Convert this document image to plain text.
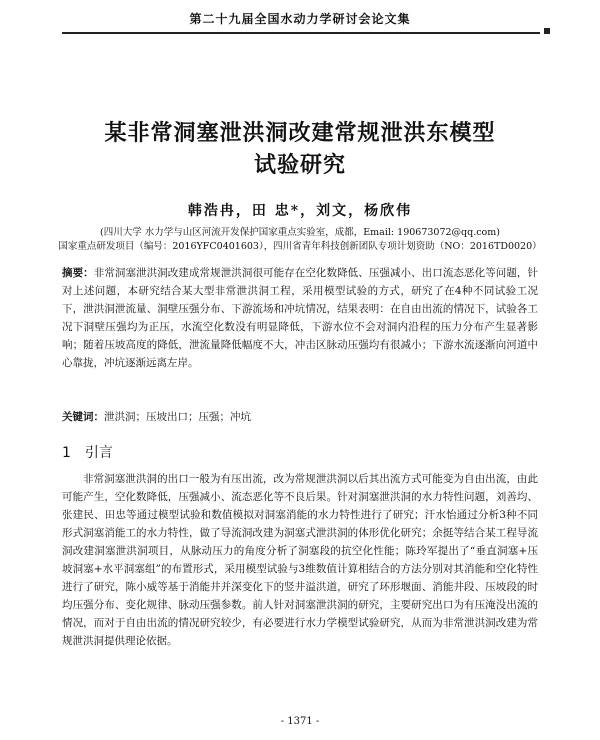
第二十九届全国水动力学研讨会论文集
某非常洞塞泄洪洞改建常规泄洪东模型
试验研究
韩浩冉，田 忠*，刘文，杨欣伟
(四川大学 水力学与山区河流开发保护国家重点实验室，成都，Email: 190673072@qq.com)
国家重点研发项目（编号：2016YFC0401603），四川省青年科技创新团队专项计划资助（NO：2016TD0020）
摘要：非常洞塞泄洪洞改建成常规泄洪洞很可能存在空化数降低、压强减小、出口流态恶化等问题，针对上述问题，本研究结合某大型非常泄洪洞工程，采用模型试验的方式，研究了在4种不同试验工况下，泄洪洞泄流量、洞壁压强分布、下游流场和冲坑情况，结果表明：在自由出流的情况下，试验各工况下洞壁压强均为正压，水流空化数没有明显降低，下游水位不会对洞内沿程的压力分布产生显著影响；随着压坡高度的降低，泄流量降低幅度不大，冲击区脉动压强均有很减小；下游水流逐渐向河道中心靠拢，冲坑逐渐远离左岸。
关键词：泄洪洞；压坡出口；压强；冲坑
1 引言
非常洞塞泄洪洞的出口一般为有压出流，改为常规泄洪洞以后其出流方式可能变为自由出流，由此可能产生，空化数降低，压强减小、流态恶化等不良后果。针对洞塞泄洪洞的水力特性问题，刘善均、张建民、田忠等通过模型试验和数值模拟对洞塞消能的水力特性进行了研究；汗水怡通过分析3种不同形式洞塞消能工的水力特性，做了导流洞改建为洞塞式泄洪洞的体形优化研究；余挺等结合某工程导流洞改建洞塞泄洪洞项目，从脉动压力的角度分析了洞塞段的抗空化性能；陈玲军提出了“垂直洞塞+压坡洞塞+水平洞塞组”的布置形式，采用模型试验与3维数值计算相结合的方法分别对其消能和空化特性进行了研究，陈小威等基于消能井并深变化下的竖井溢洪道，研究了环形堰面、消能井段、压坡段的时均压强分布、变化规律、脉动压强参数。前人针对洞塞泄洪洞的研究，主要研究出口为有压淹没出流的情况，而对于自由出流的情况研究较少，有必要进行水力学模型试验研究，从而为非常泄洪洞改建为常规泄洪洞提供理论依据。
- 1371 -
